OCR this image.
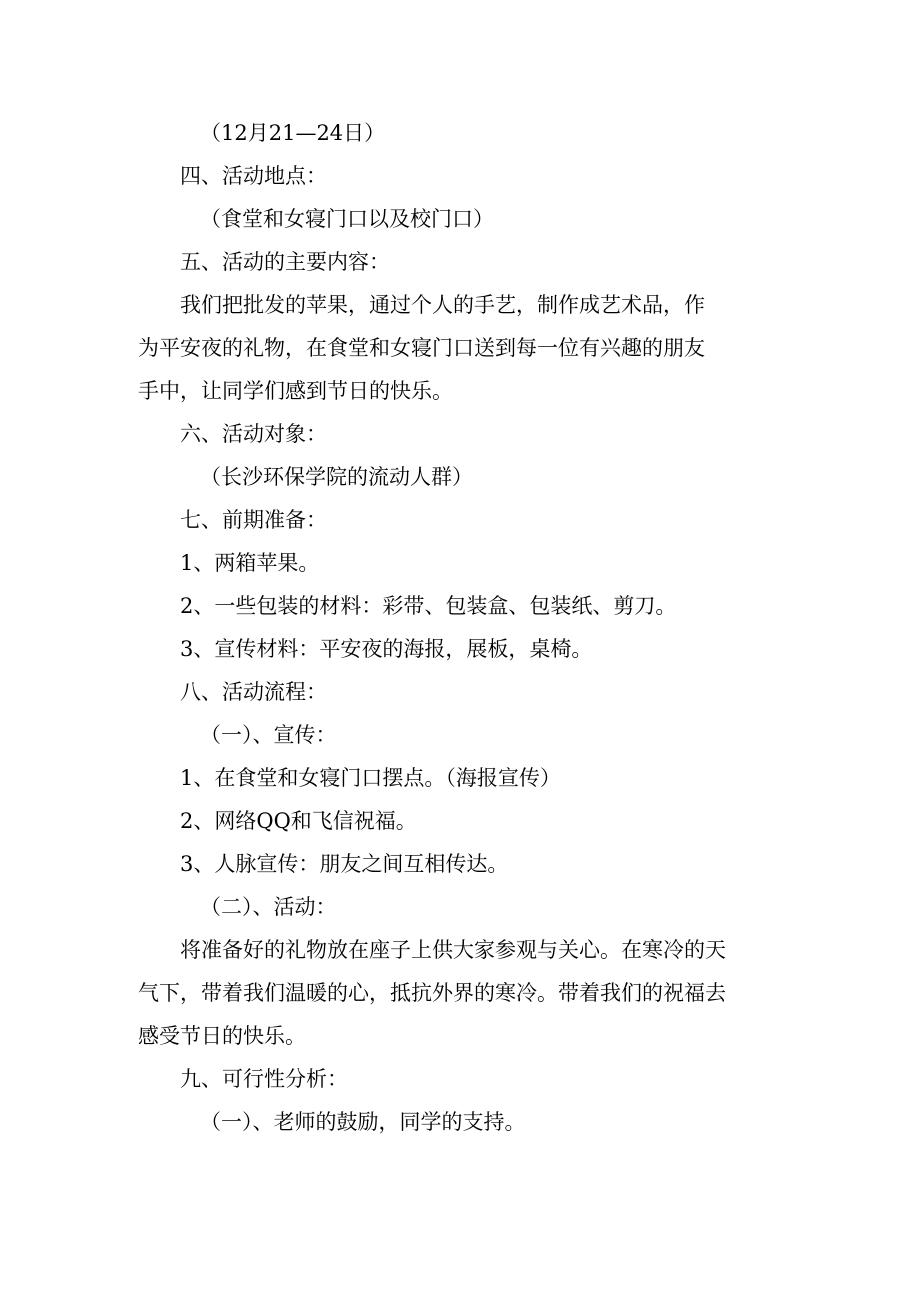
（12月21—24日）

四、活动地点：

（食堂和女寝门口以及校门口）

五、活动的主要内容：

我们把批发的苹果，通过个人的手艺，制作成艺术品，作

为平安夜的礼物，在食堂和女寝门口送到每一位有兴趣的朋友

手中，让同学们感到节日的快乐。

六、活动对象：

（长沙环保学院的流动人群）

七、前期准备：

1、两箱苹果。

2、一些包装的材料：彩带、包装盒、包装纸、剪刀。

3、宣传材料：平安夜的海报，展板，桌椅。

八、活动流程：

（一）、宣传：

1、在食堂和女寝门口摆点。（海报宣传）

2、网络QQ和飞信祝福。

3、人脉宣传：朋友之间互相传达。

（二）、活动：

将准备好的礼物放在座子上供大家参观与关心。在寒冷的天

气下，带着我们温暖的心，抵抗外界的寒冷。带着我们的祝福去

感受节日的快乐。

九、可行性分析：

（一）、老师的鼓励，同学的支持。
